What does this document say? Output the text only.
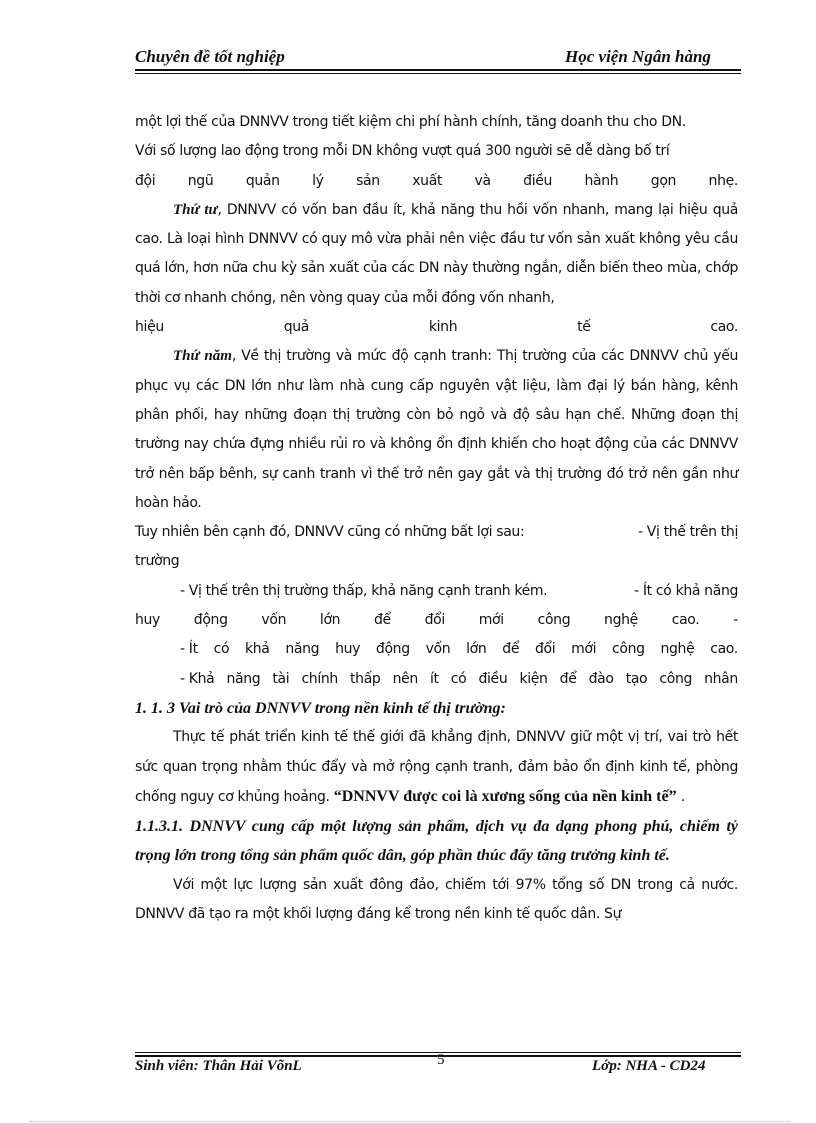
Chuyên đề tốt nghiệp	Học viện Ngân hàng
một lợi thế của DNNVV trong tiết kiệm chi phí hành chính, tăng doanh thu cho DN.
Với số lượng lao động trong mỗi DN không vượt quá 300 người sẽ dễ dàng bố trí
đội ngũ quản lý sản xuất và điều hành gọn nhẹ.
Thứ tư, DNNVV có vốn ban đầu ít, khả năng thu hồi vốn nhanh, mang lại hiệu quả cao. Là loại hình DNNVV có quy mô vừa phải nên việc đầu tư vốn sản xuất không yêu cầu quá lớn, hơn nữa chu kỳ sản xuất của các DN này thường ngắn, diễn biến theo mùa, chớp thời cơ nhanh chóng, nên vòng quay của mỗi đồng vốn nhanh,
hiệu	quả	kinh	tế	cao.
Thứ năm, Về thị trường và mức độ cạnh tranh: Thị trường của các DNNVV chủ yếu phục vụ các DN lớn như làm nhà cung cấp nguyên vật liệu, làm đại lý bán hàng, kênh phân phối, hay những đoạn thị trường còn bỏ ngỏ và độ sâu hạn chế. Những đoạn thị trường nay chứa đựng nhiều rủi ro và không ổn định khiến cho hoạt động của các DNNVV trở nên bấp bênh, sự canh tranh vì thế trở nên gay gắt và thị trường đó trở nên gần như hoàn hảo.
Tuy nhiên bên cạnh đó, DNNVV cũng có những bất lợi sau:	- Vị thế trên thị
trường
- Vị thế trên thị trường thấp, khả năng cạnh tranh kém.	- Ít có khả năng
huy động vốn lớn để đổi mới công nghệ cao. -
- Ít có khả năng huy động vốn lớn để đổi mới công nghệ cao.
- Khả năng tài chính thấp nên ít có điều kiện để đào tạo công nhân
1. 1. 3 Vai trò của DNNVV trong nền kinh tế thị trường:
Thực tế phát triển kinh tế thế giới đã khẳng định, DNNVV giữ một vị trí, vai trò hết sức quan trọng nhằm thúc đẩy và mở rộng cạnh tranh, đảm bảo ổn định kinh tế, phòng chống nguy cơ khủng hoảng. “DNNVV được coi là xương sống của nền kinh tế” .
1.1.3.1. DNNVV cung cấp một lượng sản phẩm, dịch vụ đa dạng phong phú, chiếm tỷ trọng lớn trong tổng sản phẩm quốc dân, góp phần thúc đẩy tăng trưởng kinh tế.
Với một lực lượng sản xuất đông đảo, chiếm tới 97% tổng số DN trong cả nước. DNNVV đã tạo ra một khối lượng đáng kể trong nền kinh tế quốc dân. Sự
Sinh viên: Thân Hải VõnL	5	Lớp: NHA - CD24
